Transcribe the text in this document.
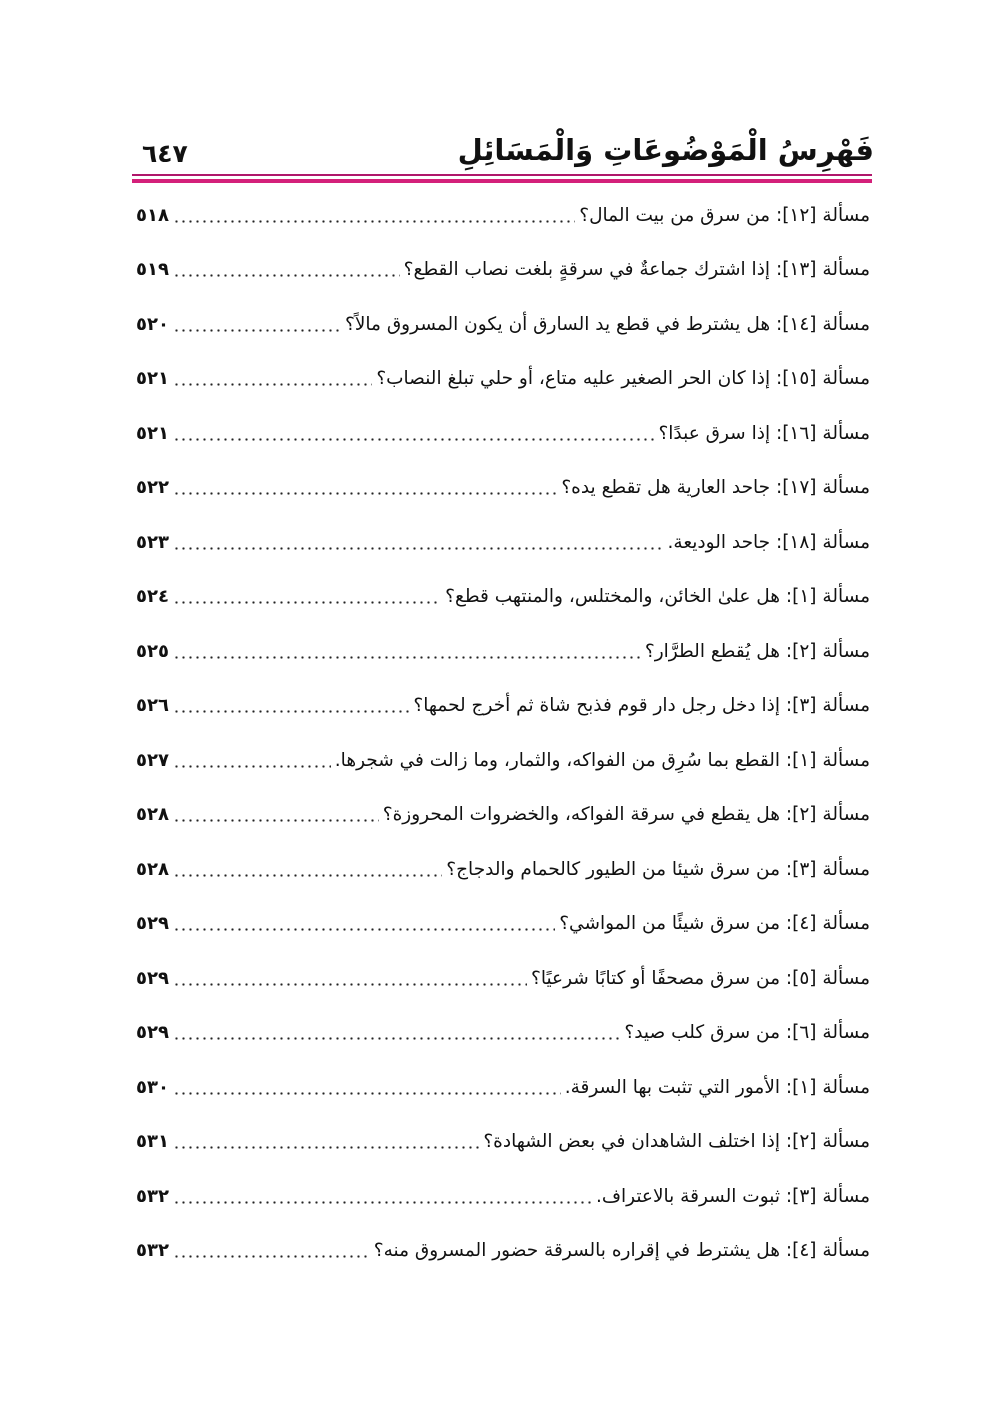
فَهْرِسُ الْمَوْضُوعَاتِ وَالْمَسَائِلِ
٦٤٧
مسألة [١٢]: من سرق من بيت المال؟
٥١٨
مسألة [١٣]: إذا اشترك جماعةٌ في سرقةٍ بلغت نصاب القطع؟
٥١٩
مسألة [١٤]: هل يشترط في قطع يد السارق أن يكون المسروق مالاً؟
٥٢٠
مسألة [١٥]: إذا كان الحر الصغير عليه متاع، أو حلي تبلغ النصاب؟
٥٢١
مسألة [١٦]: إذا سرق عبدًا؟
٥٢١
مسألة [١٧]: جاحد العارية هل تقطع يده؟
٥٢٢
مسألة [١٨]: جاحد الوديعة.
٥٢٣
مسألة [١]: هل علىٰ الخائن، والمختلس، والمنتهب قطع؟
٥٢٤
مسألة [٢]: هل يُقطع الطرَّار؟
٥٢٥
مسألة [٣]: إذا دخل رجل دار قوم فذبح شاة ثم أخرج لحمها؟
٥٢٦
مسألة [١]: القطع بما سُرِق من الفواكه، والثمار، وما زالت في شجرها.
٥٢٧
مسألة [٢]: هل يقطع في سرقة الفواكه، والخضروات المحروزة؟
٥٢٨
مسألة [٣]: من سرق شيئا من الطيور كالحمام والدجاج؟
٥٢٨
مسألة [٤]: من سرق شيئًا من المواشي؟
٥٢٩
مسألة [٥]: من سرق مصحفًا أو كتابًا شرعيًا؟
٥٢٩
مسألة [٦]: من سرق كلب صيد؟
٥٢٩
مسألة [١]: الأمور التي تثبت بها السرقة.
٥٣٠
مسألة [٢]: إذا اختلف الشاهدان في بعض الشهادة؟
٥٣١
مسألة [٣]: ثبوت السرقة بالاعتراف.
٥٣٢
مسألة [٤]: هل يشترط في إقراره بالسرقة حضور المسروق منه؟
٥٣٢
